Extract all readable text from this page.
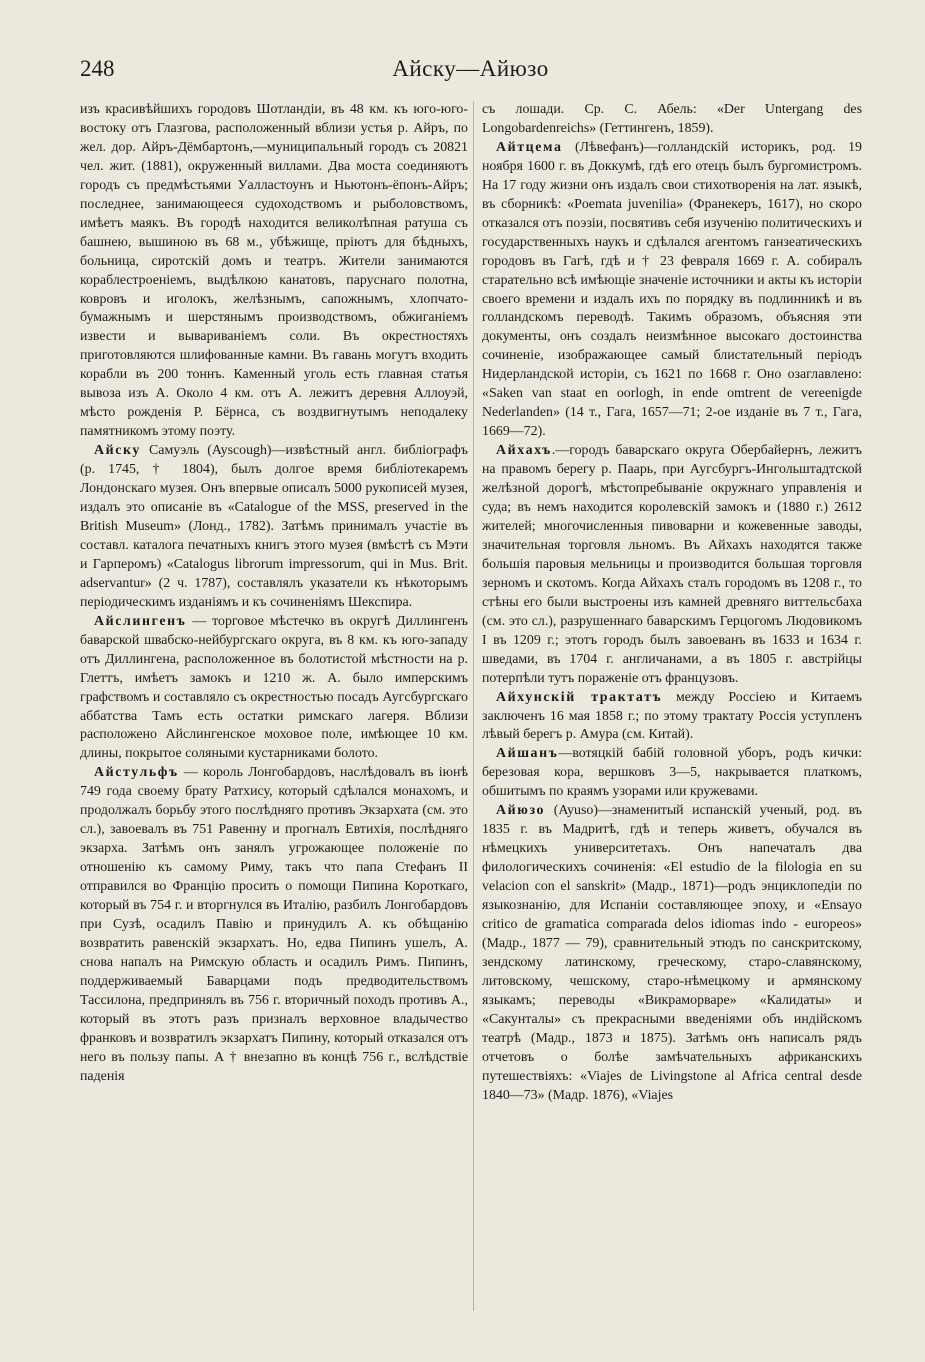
248	Айску—Айюзо

изъ красивѣйшихъ городовъ Шотландіи, въ 48 км. къ юго-юго-востоку отъ Глазгова, расположенный вблизи устья р. Айръ, по жел. дор. Айръ-Дёмбартонъ,—муниципальный городъ съ 20821 чел. жит. (1881), окруженный виллами. Два моста соединяютъ городъ съ предмѣстьями Уалластоунъ и Ньютонъ-ёпонъ-Айръ; последнее, занимающееся судоходствомъ и рыболовствомъ, имѣетъ маякъ. Въ городѣ находится великолѣпная ратуша съ башнею, вышиною въ 68 м., убѣжище, пріютъ для бѣдныхъ, больница, сиротскій домъ и театръ. Жители занимаются кораблестроеніемъ, выдѣлкою канатовъ, паруснаго полотна, ковровъ и иголокъ, желѣзнымъ, сапожнымъ, хлопчато-бумажнымъ и шерстянымъ производствомъ, обжиганіемъ извести и вывариваніемъ соли. Въ окрестностяхъ приготовляются шлифованные камни. Въ гавань могутъ входить корабли въ 200 тоннъ. Каменный уголь есть главная статья вывоза изъ А. Около 4 км. отъ А. лежитъ деревня Аллоуэй, мѣсто рожденія Р. Бёрнса, съ воздвигнутымъ неподалеку памятникомъ этому поэту.

Айску Самуэль (Ayscough)—извѣстный англ. библіографъ (р. 1745, † 1804), былъ долгое время библіотекаремъ Лондонскаго музея. Онъ впервые описалъ 5000 рукописей музея, издалъ это описаніе въ «Catalogue of the MSS, preserved in the British Museum» (Лонд., 1782). Затѣмъ принималъ участіе въ составл. каталога печатныхъ книгъ этого музея (вмѣстѣ съ Мэти и Гарперомъ) «Catalogus librorum impressorum, qui in Mus. Brit. adservantur» (2 ч. 1787), составлялъ указатели къ нѣкоторымъ періодическимъ изданіямъ и къ сочиненіямъ Шекспира.

Айслингенъ — торговое мѣстечко въ округѣ Диллингенъ баварской швабско-нейбургскаго округа, въ 8 км. къ юго-западу отъ Диллингена, расположенное въ болотистой мѣстности на р. Глеттъ, имѣетъ замокъ и 1210 ж. А. было имперскимъ графствомъ и составляло съ окрестностью посадъ Аугсбургскаго аббатства Тамъ есть остатки римскаго лагеря. Вблизи расположено Айслингенское моховое поле, имѣющее 10 км. длины, покрытое соляными кустарниками болото.

Айстульфъ — король Лонгобардовъ, наслѣдовалъ въ іюнѣ 749 года своему брату Ратхису, который сдѣлался монахомъ, и продолжалъ борьбу этого послѣдняго противъ Экзархата (см. это сл.), завоевалъ въ 751 Равенну и прогналъ Евтихія, послѣдняго экзарха. Затѣмъ онъ занялъ угрожающее положеніе по отношенію къ самому Риму, такъ что папа Стефанъ II отправился во Францію просить о помощи Пипина Короткаго, который въ 754 г. и вторгнулся въ Италію, разбилъ Лонгобардовъ при Сузѣ, осадилъ Павію и принудилъ А. къ обѣщанію возвратить равенскій экзархатъ. Но, едва Пипинъ ушелъ, А. снова напалъ на Римскую область и осадилъ Римъ. Пипинъ, поддерживаемый Баварцами подъ предводительствомъ Тассилона, предпринялъ въ 756 г. вторичный походъ противъ А., который въ этотъ разъ призналъ верховное владычество франковъ и возвратилъ экзархатъ Пипину, который отказался отъ него въ пользу папы. А † внезапно въ концѣ 756 г., вслѣдствіе паденія

съ лошади. Ср. С. Абель: «Der Untergang des Longobardenreichs» (Геттингенъ, 1859).

Айтцема (Лѣвефанъ)—голландскій историкъ, род. 19 ноября 1600 г. въ Доккумѣ, гдѣ его отецъ былъ бургомистромъ. На 17 году жизни онъ издалъ свои стихотворенія на лат. языкѣ, въ сборникѣ: «Poemata juvenilia» (Франекеръ, 1617), но скоро отказался отъ поэзіи, посвятивъ себя изученію политическихъ и государственныхъ наукъ и сдѣлался агентомъ ганзеатическихъ городовъ въ Гагѣ, гдѣ и † 23 февраля 1669 г. А. собиралъ старательно всѣ имѣющіе значеніе источники и акты къ исторіи своего времени и издалъ ихъ по порядку въ подлинникѣ и въ голландскомъ переводѣ. Такимъ образомъ, объясняя эти документы, онъ создалъ неизмѣнное высокаго достоинства сочиненіе, изображающее самый блистательный періодъ Нидерландской исторіи, съ 1621 по 1668 г. Оно озаглавлено: «Saken van staat en oorlogh, in ende omtrent de vereenigde Nederlanden» (14 т., Гага, 1657—71; 2-ое изданіе въ 7 т., Гага, 1669—72).

Айхахъ.—городъ баварскаго округа Обербайернъ, лежитъ на правомъ берегу р. Паарь, при Аугсбургъ-Ингольштадтской желѣзной дорогѣ, мѣстопребываніе окружнаго управленія и суда; въ немъ находится королевскій замокъ и (1880 г.) 2612 жителей; многочисленныя пивоварни и кожевенные заводы, значительная торговля льномъ. Въ Айхахъ находятся также большія паровыя мельницы и производится большая торговля зерномъ и скотомъ. Когда Айхахъ сталъ городомъ въ 1208 г., то стѣны его были выстроены изъ камней древняго виттельсбаха (см. это сл.), разрушеннаго баварскимъ Герцогомъ Людовикомъ I въ 1209 г.; этотъ городъ былъ завоеванъ въ 1633 и 1634 г. шведами, въ 1704 г. англичанами, а въ 1805 г. австрійцы потерпѣли тутъ пораженіе отъ французовъ.

Айхунскій трактатъ между Россіею и Китаемъ заключенъ 16 мая 1858 г.; по этому трактату Россія уступленъ лѣвый берегъ р. Амура (см. Китай).

Айшанъ—вотяцкій бабій головной уборъ, родъ кички: березовая кора, вершковъ 3—5, накрывается платкомъ, обшитымъ по краямъ узорами или кружевами.

Айюзо (Ayuso)—знаменитый испанскій ученый, род. въ 1835 г. въ Мадритѣ, гдѣ и теперь живетъ, обучался въ нѣмецкихъ университетахъ. Онъ напечаталъ два филологическихъ сочиненія: «El estudio de la filologia en su velacion con el sanskrit» (Мадр., 1871)—родъ энциклопедіи по языкознанію, для Испаніи составляющее эпоху, и «Ensayo critico de gramatica comparada delos idiomas indo - europeos» (Мадр., 1877 — 79), сравнительный этюдъ по санскритскому, зендскому латинскому, греческому, старо-славянскому, литовскому, чешскому, старо-нѣмецкому и армянскому языкамъ; переводы «Викраморваре» «Калидаты» и «Сакунталы» съ прекрасными введеніями объ индійскомъ театрѣ (Мадр., 1873 и 1875). Затѣмъ онъ написалъ рядъ отчетовъ о болѣе замѣчательныхъ африканскихъ путешествіяхъ: «Viajes de Livingstone al Africa central desde 1840—73» (Мадр. 1876), «Viajes
